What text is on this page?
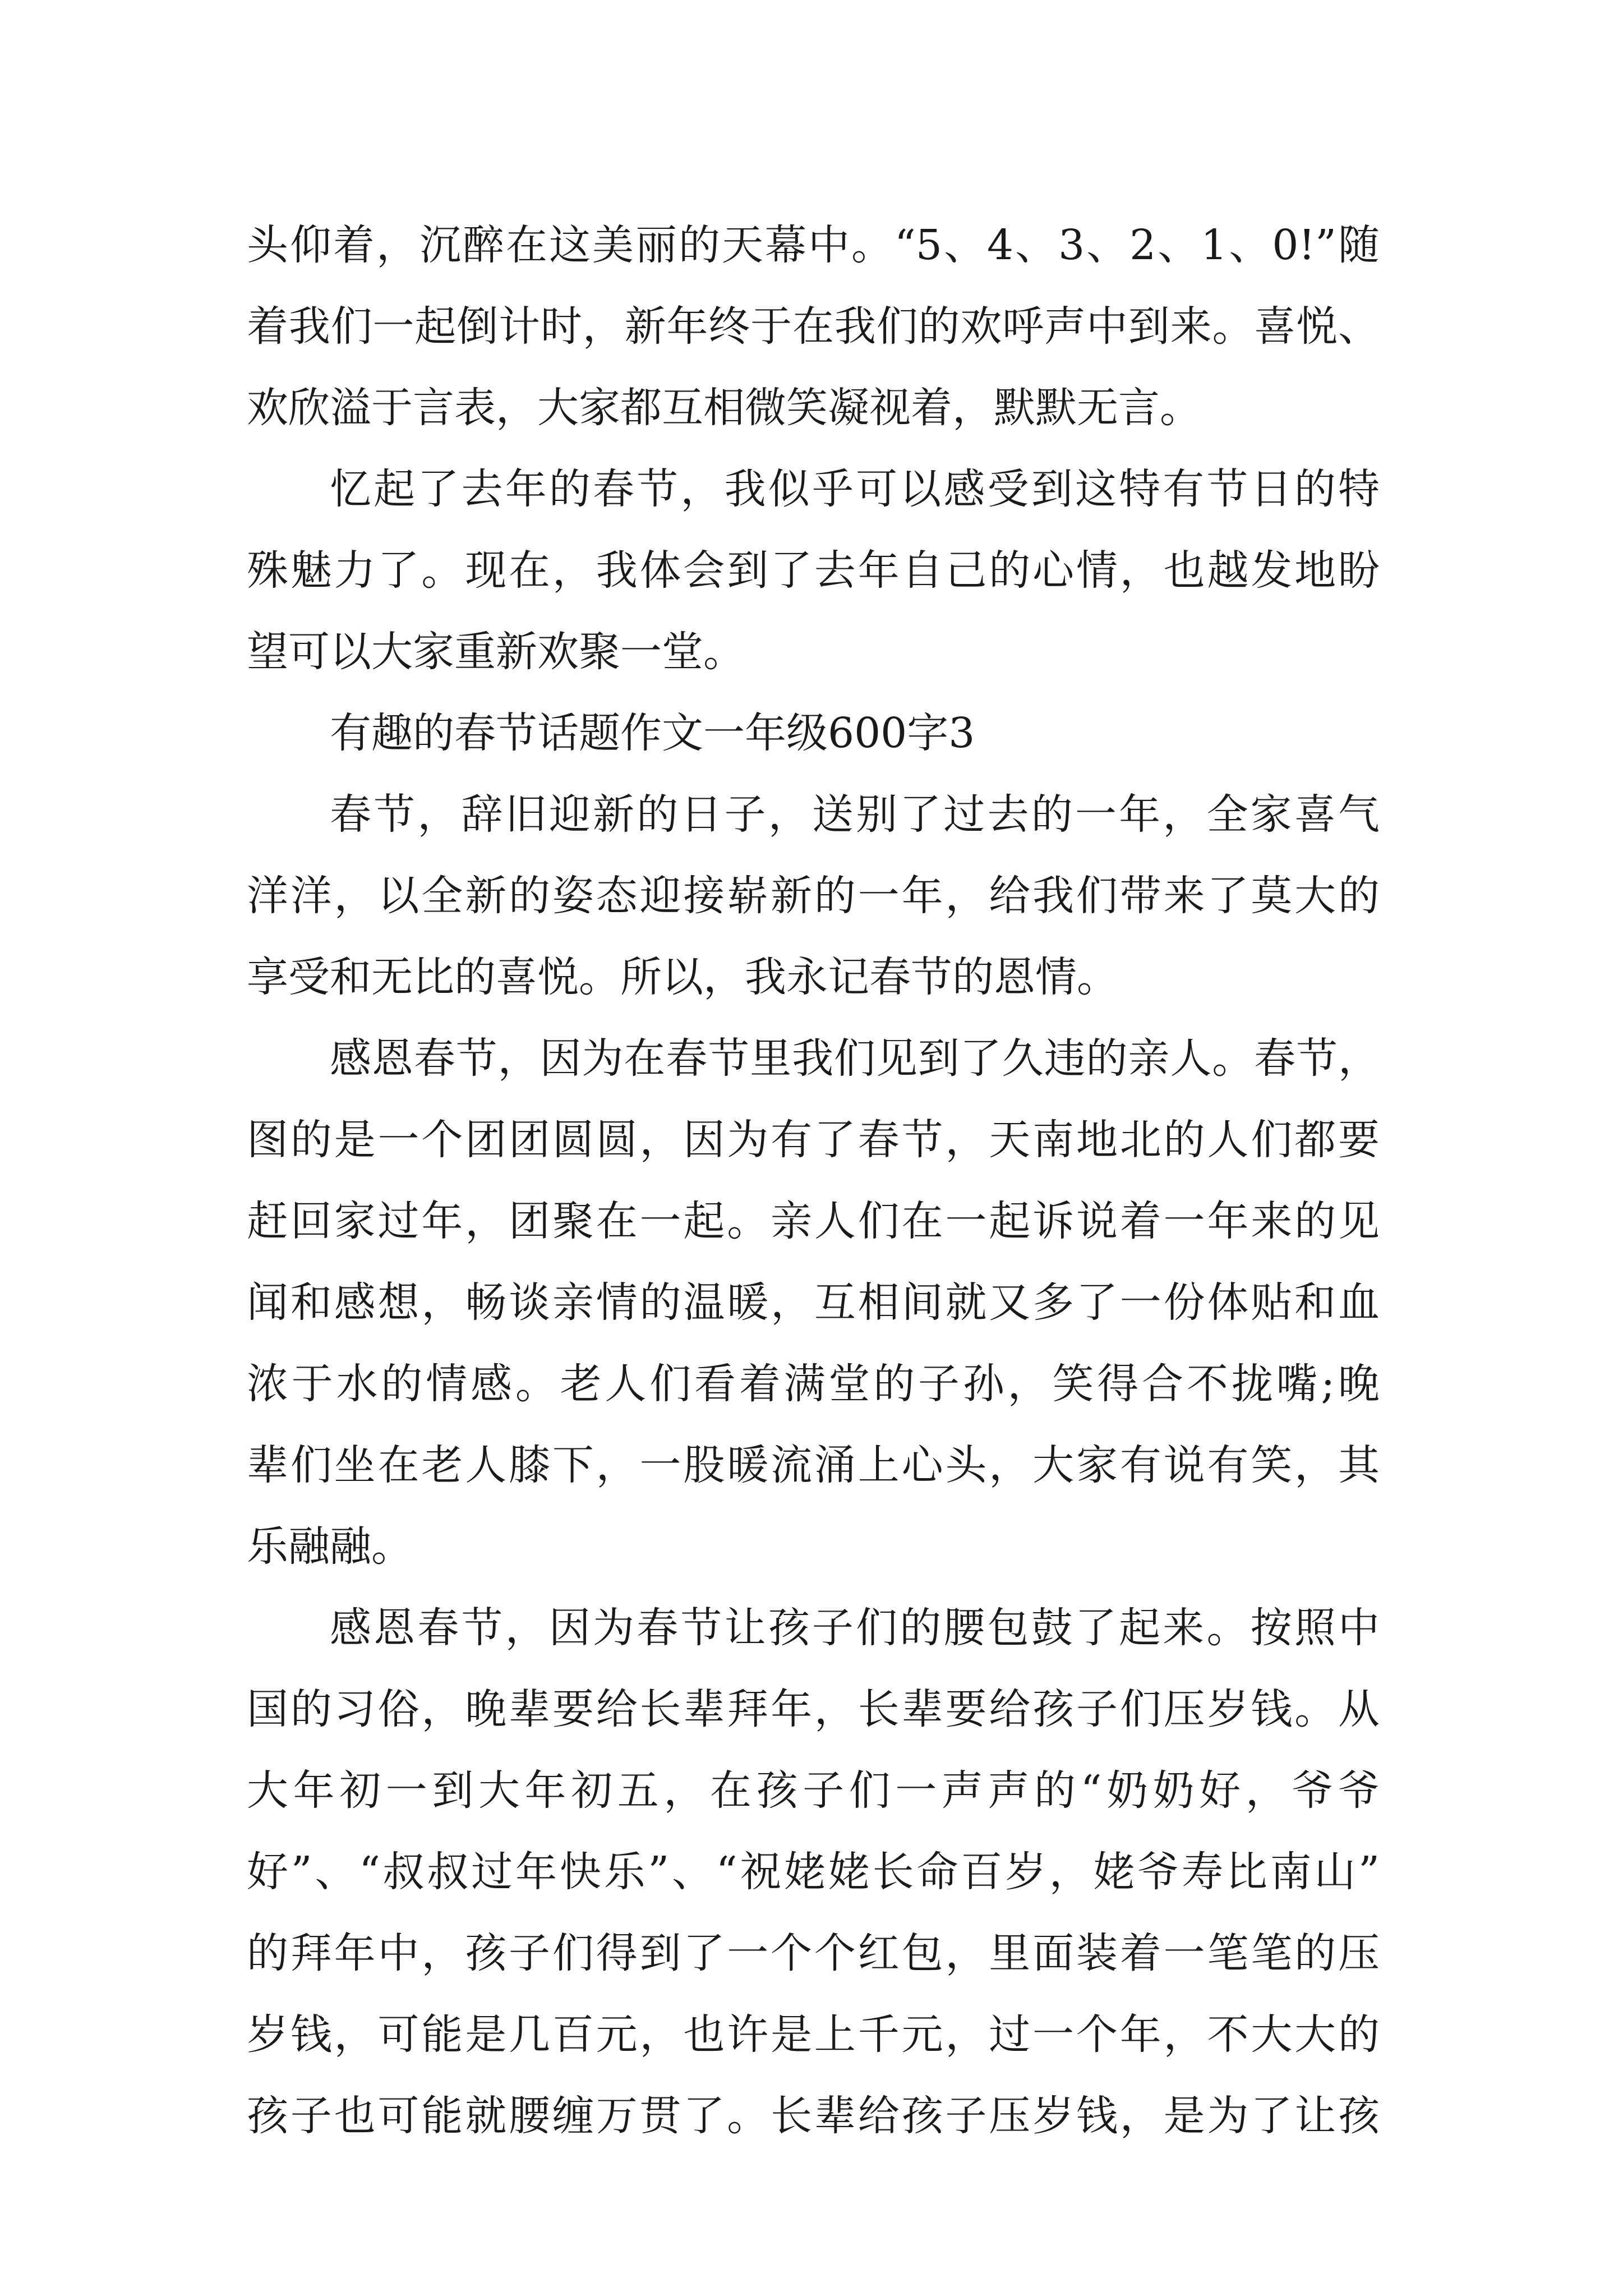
头仰着，沉醉在这美丽的天幕中。“5、4、3、2、1、0!”随
着我们一起倒计时，新年终于在我们的欢呼声中到来。喜悦、
欢欣溢于言表，大家都互相微笑凝视着，默默无言。
忆起了去年的春节，我似乎可以感受到这特有节日的特
殊魅力了。现在，我体会到了去年自己的心情，也越发地盼
望可以大家重新欢聚一堂。
有趣的春节话题作文一年级600字3
春节，辞旧迎新的日子，送别了过去的一年，全家喜气
洋洋，以全新的姿态迎接崭新的一年，给我们带来了莫大的
享受和无比的喜悦。所以，我永记春节的恩情。
感恩春节，因为在春节里我们见到了久违的亲人。春节，
图的是一个团团圆圆，因为有了春节，天南地北的人们都要
赶回家过年，团聚在一起。亲人们在一起诉说着一年来的见
闻和感想，畅谈亲情的温暖，互相间就又多了一份体贴和血
浓于水的情感。老人们看着满堂的子孙，笑得合不拢嘴;晚
辈们坐在老人膝下，一股暖流涌上心头，大家有说有笑，其
乐融融。
感恩春节，因为春节让孩子们的腰包鼓了起来。按照中
国的习俗，晚辈要给长辈拜年，长辈要给孩子们压岁钱。从
大年初一到大年初五，在孩子们一声声的“奶奶好，爷爷
好”、“叔叔过年快乐”、“祝姥姥长命百岁，姥爷寿比南山”
的拜年中，孩子们得到了一个个红包，里面装着一笔笔的压
岁钱，可能是几百元，也许是上千元，过一个年，不大大的
孩子也可能就腰缠万贯了。长辈给孩子压岁钱，是为了让孩
